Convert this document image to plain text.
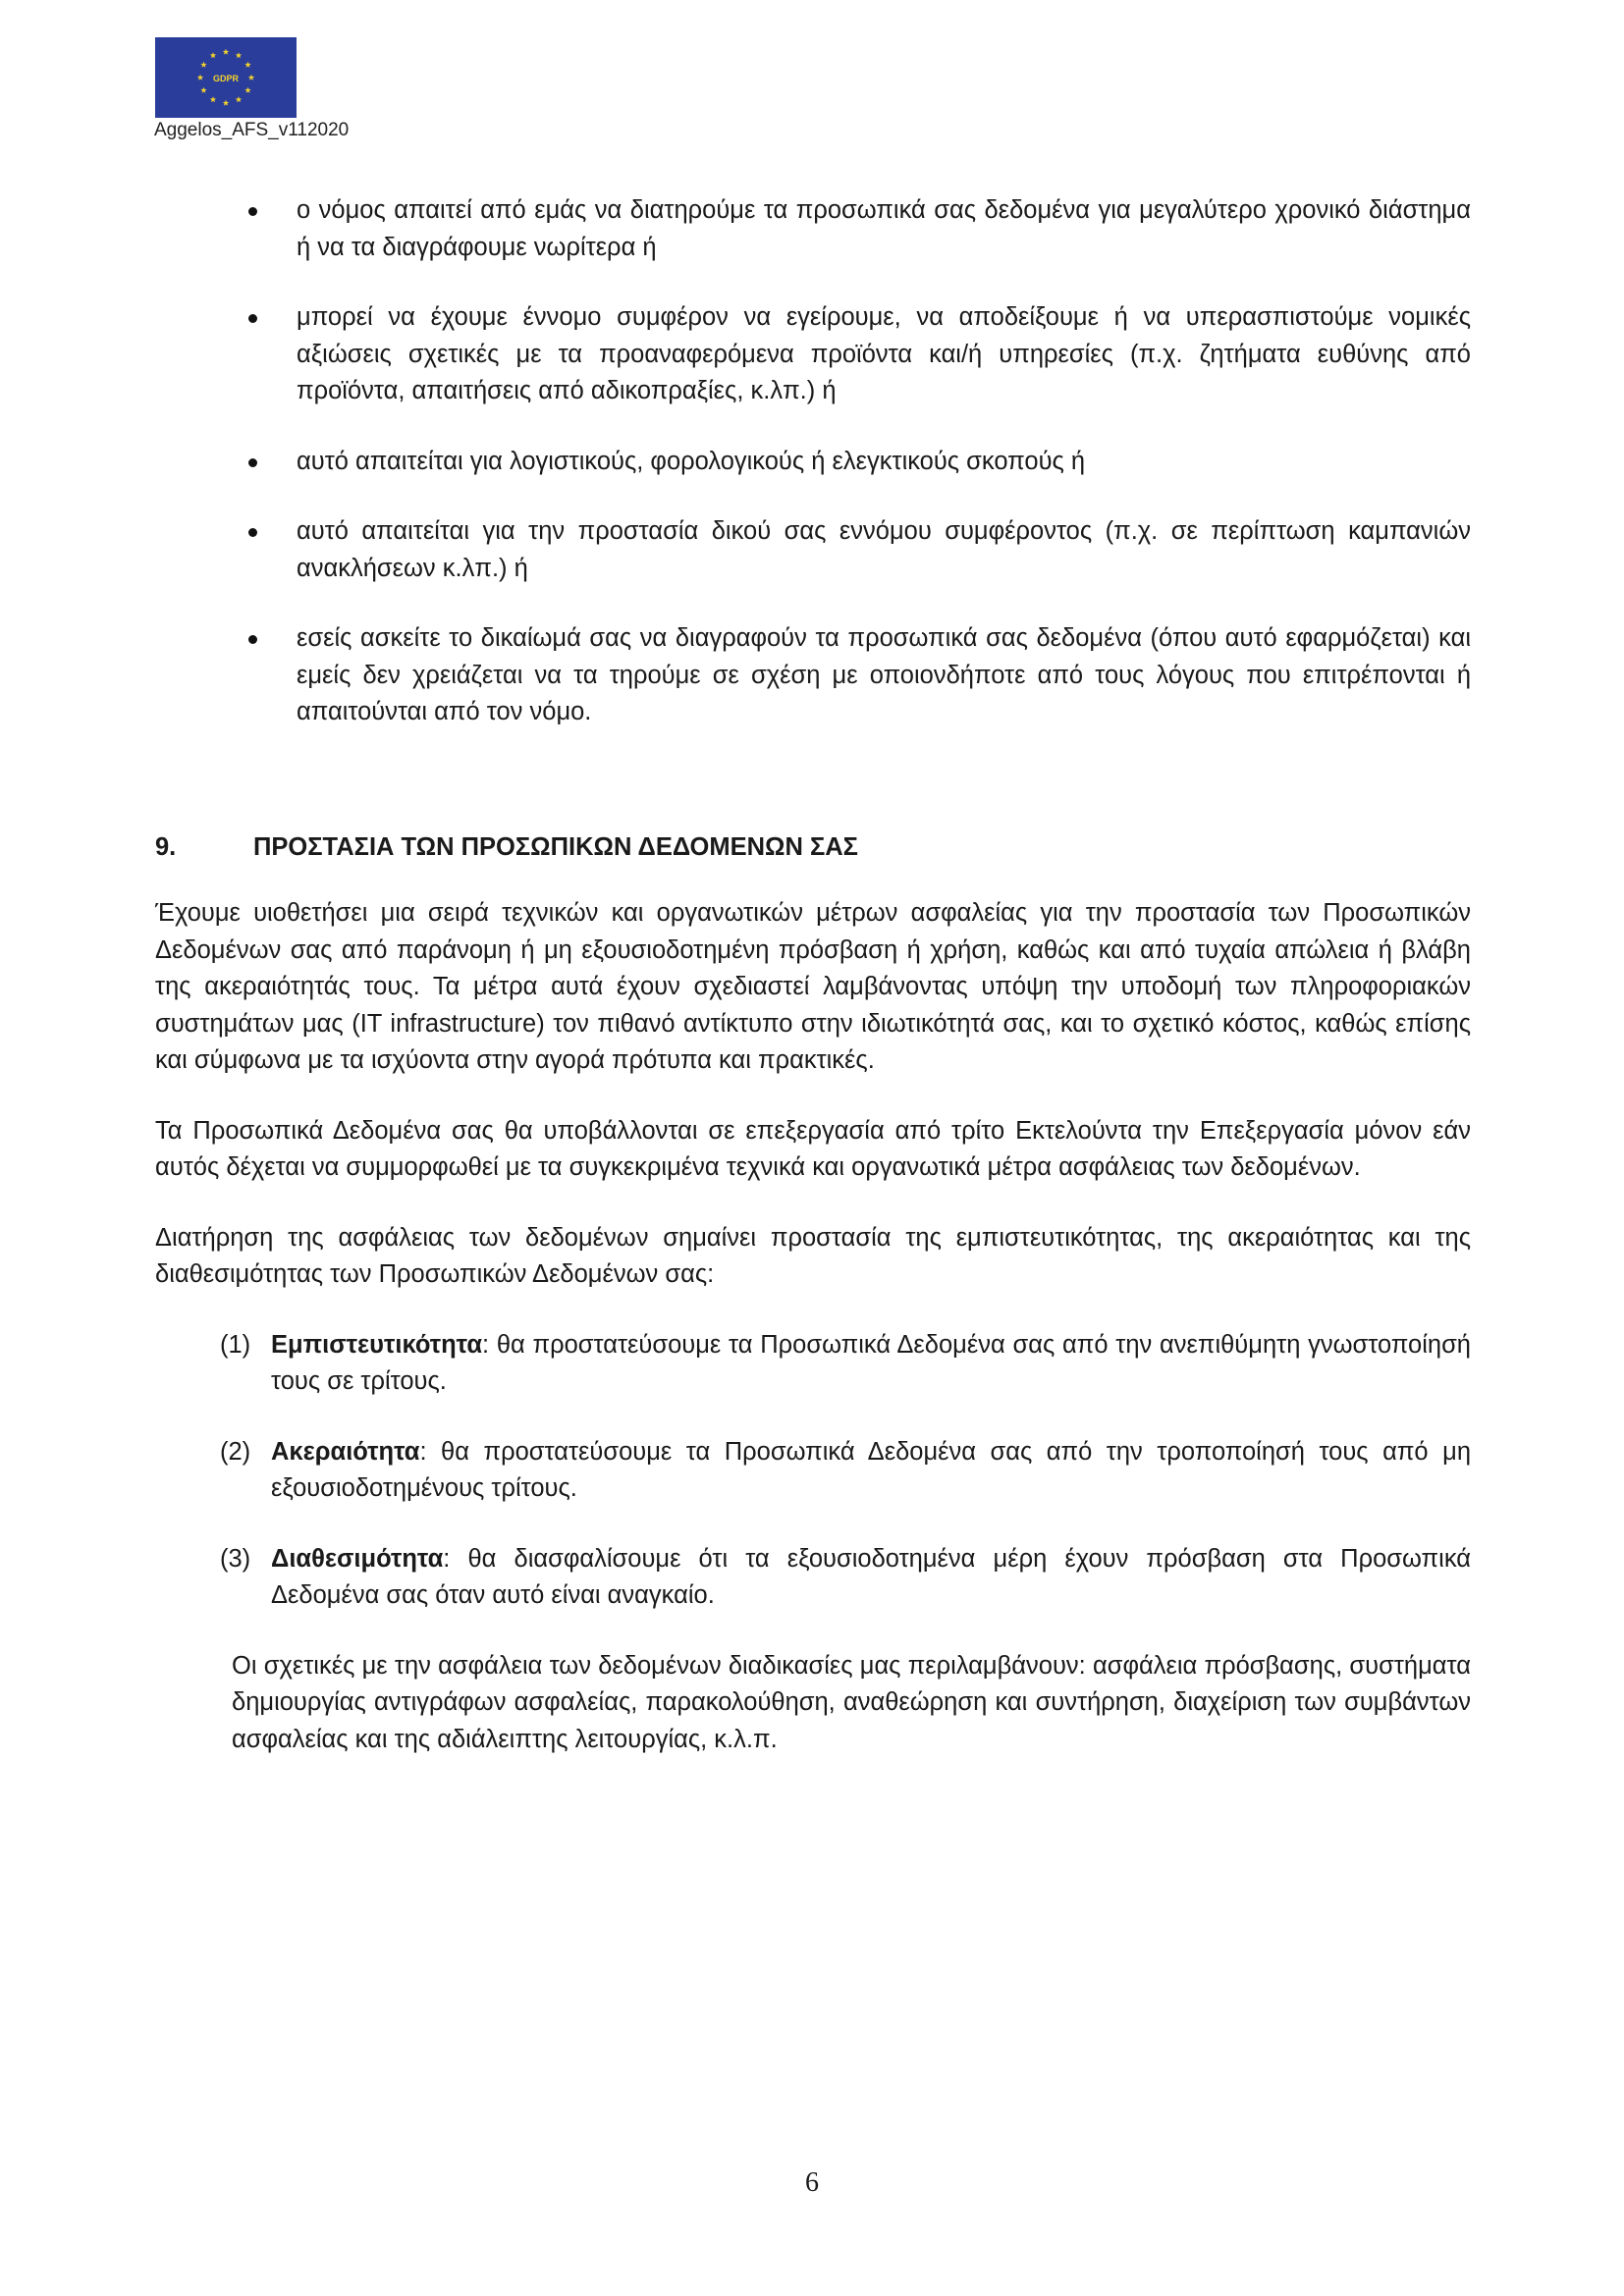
GDPR
Aggelos_AFS_v112020
ο νόμος απαιτεί από εμάς να διατηρούμε τα προσωπικά σας δεδομένα για μεγαλύτερο χρονικό διάστημα ή να τα διαγράφουμε νωρίτερα ή
μπορεί να έχουμε έννομο συμφέρον να εγείρουμε, να αποδείξουμε ή να υπερασπιστούμε νομικές αξιώσεις σχετικές με τα προαναφερόμενα προϊόντα και/ή υπηρεσίες (π.χ. ζητήματα ευθύνης από προϊόντα, απαιτήσεις από αδικοπραξίες, κ.λπ.) ή
αυτό απαιτείται για λογιστικούς, φορολογικούς ή ελεγκτικούς σκοπούς ή
αυτό απαιτείται για την προστασία δικού σας εννόμου συμφέροντος (π.χ. σε περίπτωση καμπανιών ανακλήσεων κ.λπ.) ή
εσείς ασκείτε το δικαίωμά σας να διαγραφούν τα προσωπικά σας δεδομένα (όπου αυτό εφαρμόζεται) και εμείς δεν χρειάζεται να τα τηρούμε σε σχέση με οποιονδήποτε από τους λόγους που επιτρέπονται ή απαιτούνται από τον νόμο.
9.	ΠΡΟΣΤΑΣΙΑ ΤΩΝ ΠΡΟΣΩΠΙΚΩΝ ΔΕΔΟΜΕΝΩΝ ΣΑΣ

Έχουμε υιοθετήσει μια σειρά τεχνικών και οργανωτικών μέτρων ασφαλείας για την προστασία των Προσωπικών Δεδομένων σας από παράνομη ή μη εξουσιοδοτημένη πρόσβαση ή χρήση, καθώς και από τυχαία απώλεια ή βλάβη της ακεραιότητάς τους. Τα μέτρα αυτά έχουν σχεδιαστεί λαμβάνοντας υπόψη την υποδομή των πληροφοριακών συστημάτων μας (IT infrastructure) τον πιθανό αντίκτυπο στην ιδιωτικότητά σας, και το σχετικό κόστος, καθώς επίσης και σύμφωνα με τα ισχύοντα στην αγορά πρότυπα και πρακτικές.

Τα Προσωπικά Δεδομένα σας θα υποβάλλονται σε επεξεργασία από τρίτο Εκτελούντα την Επεξεργασία μόνον εάν αυτός δέχεται να συμμορφωθεί με τα συγκεκριμένα τεχνικά και οργανωτικά μέτρα ασφάλειας των δεδομένων.

Διατήρηση της ασφάλειας των δεδομένων σημαίνει προστασία της εμπιστευτικότητας, της ακεραιότητας και της διαθεσιμότητας των Προσωπικών Δεδομένων σας:

(1) Εμπιστευτικότητα: θα προστατεύσουμε τα Προσωπικά Δεδομένα σας από την ανεπιθύμητη γνωστοποίησή τους σε τρίτους.
(2) Ακεραιότητα: θα προστατεύσουμε τα Προσωπικά Δεδομένα σας από την τροποποίησή τους από μη εξουσιοδοτημένους τρίτους.
(3) Διαθεσιμότητα: θα διασφαλίσουμε ότι τα εξουσιοδοτημένα μέρη έχουν πρόσβαση στα Προσωπικά Δεδομένα σας όταν αυτό είναι αναγκαίο.

Οι σχετικές με την ασφάλεια των δεδομένων διαδικασίες μας περιλαμβάνουν: ασφάλεια πρόσβασης, συστήματα δημιουργίας αντιγράφων ασφαλείας, παρακολούθηση, αναθεώρηση και συντήρηση, διαχείριση των συμβάντων ασφαλείας και της αδιάλειπτης λειτουργίας, κ.λ.π.

6
